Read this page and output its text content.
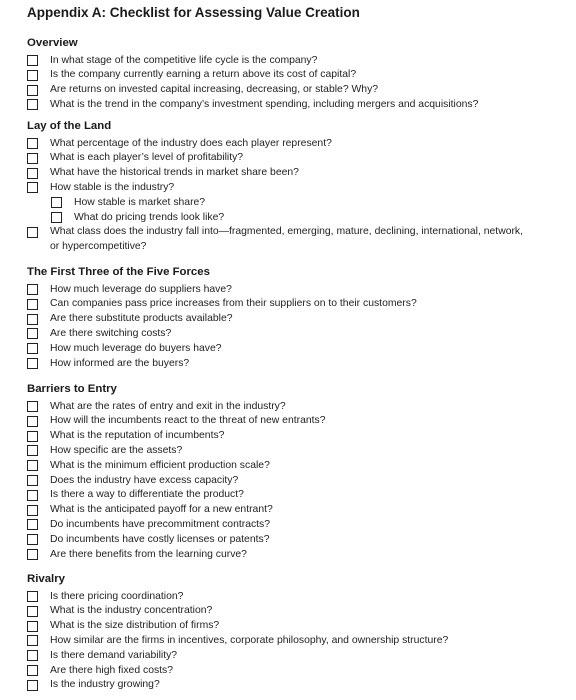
Appendix A: Checklist for Assessing Value Creation
Overview
In what stage of the competitive life cycle is the company?
Is the company currently earning a return above its cost of capital?
Are returns on invested capital increasing, decreasing, or stable? Why?
What is the trend in the company’s investment spending, including mergers and acquisitions?
Lay of the Land
What percentage of the industry does each player represent?
What is each player’s level of profitability?
What have the historical trends in market share been?
How stable is the industry?
How stable is market share?
What do pricing trends look like?
What class does the industry fall into—fragmented, emerging, mature, declining, international, network,
or hypercompetitive?
The First Three of the Five Forces
How much leverage do suppliers have?
Can companies pass price increases from their suppliers on to their customers?
Are there substitute products available?
Are there switching costs?
How much leverage do buyers have?
How informed are the buyers?
Barriers to Entry
What are the rates of entry and exit in the industry?
How will the incumbents react to the threat of new entrants?
What is the reputation of incumbents?
How specific are the assets?
What is the minimum efficient production scale?
Does the industry have excess capacity?
Is there a way to differentiate the product?
What is the anticipated payoff for a new entrant?
Do incumbents have precommitment contracts?
Do incumbents have costly licenses or patents?
Are there benefits from the learning curve?
Rivalry
Is there pricing coordination?
What is the industry concentration?
What is the size distribution of firms?
How similar are the firms in incentives, corporate philosophy, and ownership structure?
Is there demand variability?
Are there high fixed costs?
Is the industry growing?
